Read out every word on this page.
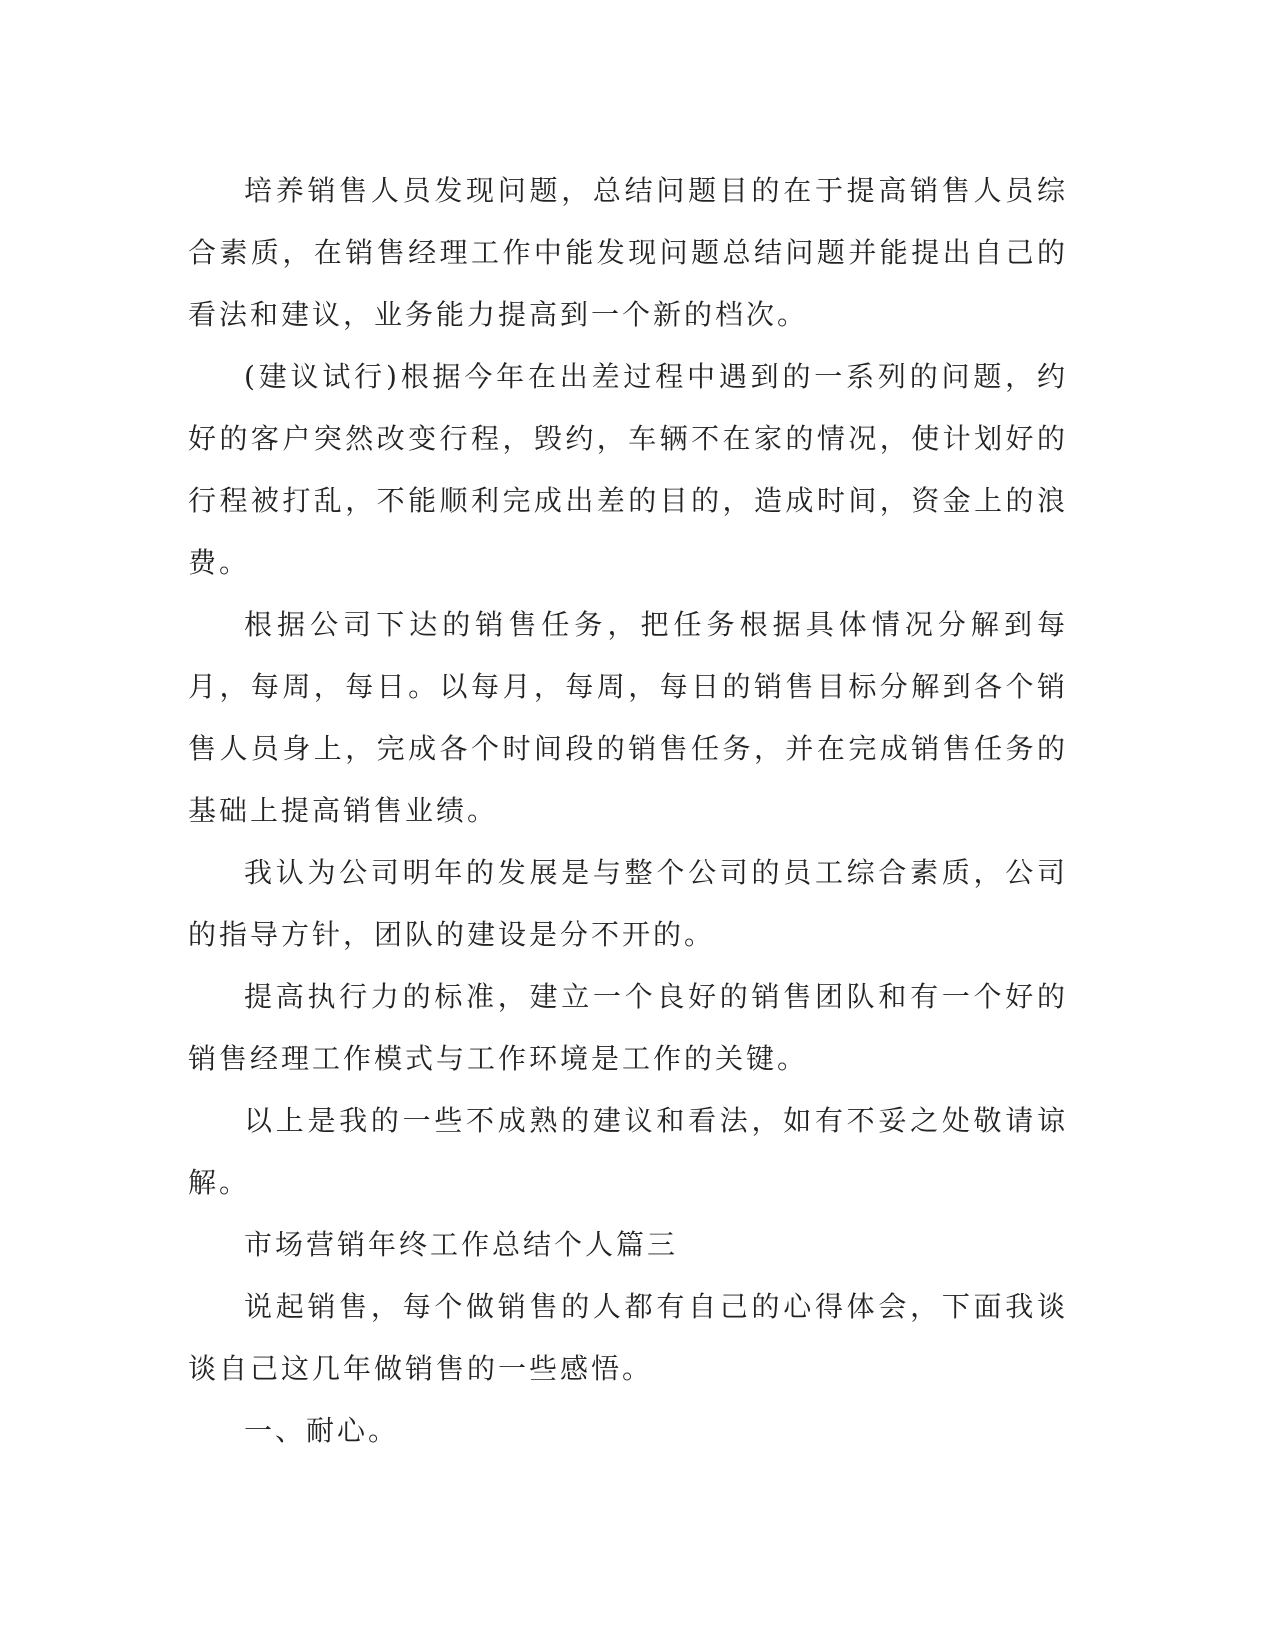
培养销售人员发现问题，总结问题目的在于提高销售人员综合素质，在销售经理工作中能发现问题总结问题并能提出自己的看法和建议，业务能力提高到一个新的档次。

(建议试行)根据今年在出差过程中遇到的一系列的问题，约好的客户突然改变行程，毁约，车辆不在家的情况，使计划好的行程被打乱，不能顺利完成出差的目的，造成时间，资金上的浪费。

根据公司下达的销售任务，把任务根据具体情况分解到每月，每周，每日。以每月，每周，每日的销售目标分解到各个销售人员身上，完成各个时间段的销售任务，并在完成销售任务的基础上提高销售业绩。

我认为公司明年的发展是与整个公司的员工综合素质，公司的指导方针，团队的建设是分不开的。

提高执行力的标准，建立一个良好的销售团队和有一个好的销售经理工作模式与工作环境是工作的关键。

以上是我的一些不成熟的建议和看法，如有不妥之处敬请谅解。

市场营销年终工作总结个人篇三

说起销售，每个做销售的人都有自己的心得体会，下面我谈谈自己这几年做销售的一些感悟。

一、耐心。
